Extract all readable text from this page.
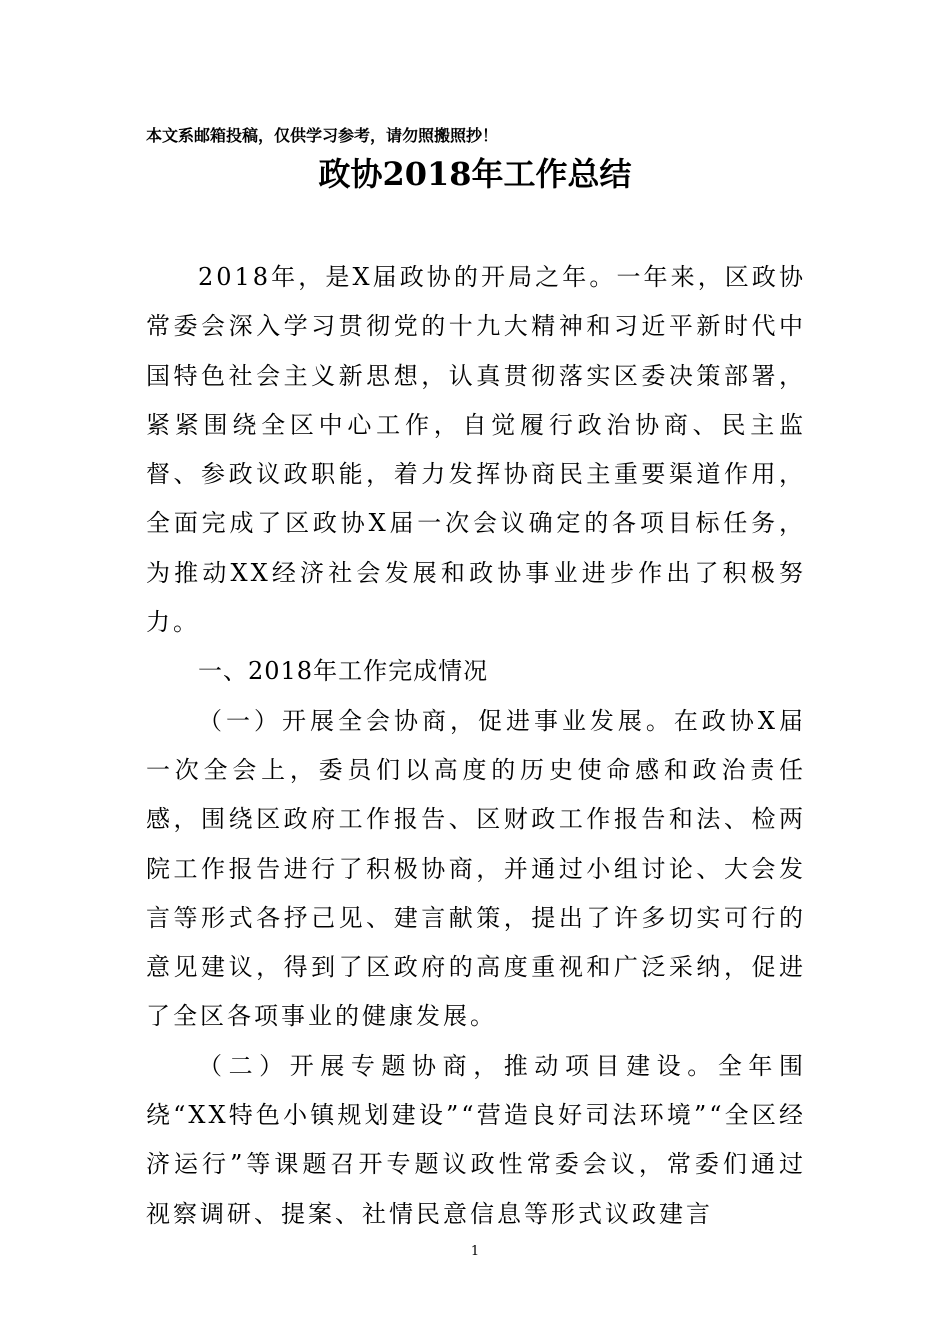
本文系邮箱投稿，仅供学习参考，请勿照搬照抄！
政协2018年工作总结

2018年，是X届政协的开局之年。一年来，区政协常委会深入学习贯彻党的十九大精神和习近平新时代中国特色社会主义新思想，认真贯彻落实区委决策部署，紧紧围绕全区中心工作，自觉履行政治协商、民主监督、参政议政职能，着力发挥协商民主重要渠道作用，全面完成了区政协X届一次会议确定的各项目标任务，为推动XX经济社会发展和政协事业进步作出了积极努力。

一、2018年工作完成情况

（一）开展全会协商，促进事业发展。在政协X届一次全会上，委员们以高度的历史使命感和政治责任感，围绕区政府工作报告、区财政工作报告和法、检两院工作报告进行了积极协商，并通过小组讨论、大会发言等形式各抒己见、建言献策，提出了许多切实可行的意见建议，得到了区政府的高度重视和广泛采纳，促进了全区各项事业的健康发展。

（二）开展专题协商，推动项目建设。全年围绕“XX特色小镇规划建设”“营造良好司法环境”“全区经济运行”等课题召开专题议政性常委会议，常委们通过视察调研、提案、社情民意信息等形式议政建言

1
